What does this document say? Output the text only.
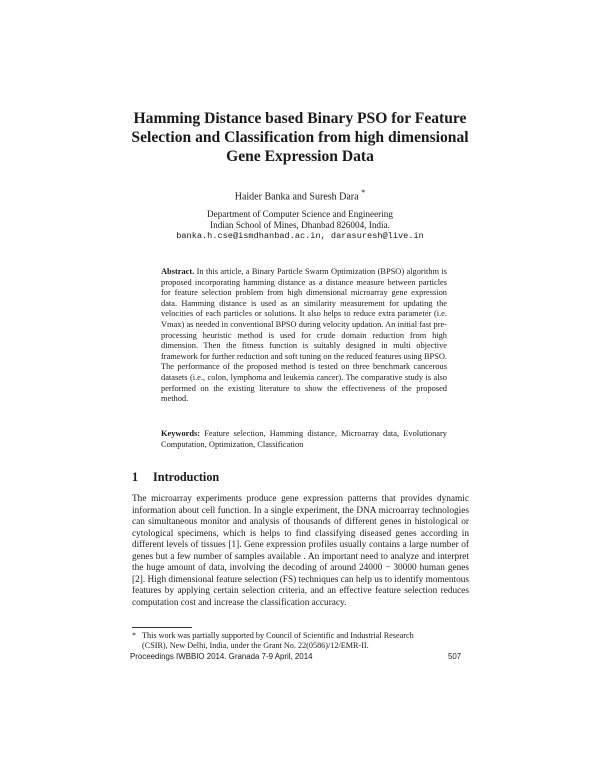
Hamming Distance based Binary PSO for Feature Selection and Classification from high dimensional Gene Expression Data
Haider Banka and Suresh Dara *
Department of Computer Science and Engineering
Indian School of Mines, Dhanbad 826004, India.
banka.h.cse@ismdhanbad.ac.in, darasuresh@live.in

Abstract. In this article, a Binary Particle Swarm Optimization (BPSO) algorithm is proposed incorporating hamming distance as a distance measure between particles for feature selection problem from high dimensional microarray gene expression data. Hamming distance is used as an similarity measurement for updating the velocities of each particles or solutions. It also helps to reduce extra parameter (i.e. Vmax) as needed in conventional BPSO during velocity updation. An initial fast pre-processing heuristic method is used for crude domain reduction from high dimension. Then the fitness function is suitably designed in multi objective framework for further reduction and soft tuning on the reduced features using BPSO. The performance of the proposed method is tested on three benchmark cancerous datasets (i.e., colon, lymphoma and leukemia cancer). The comparative study is also performed on the existing literature to show the effectiveness of the proposed method.

Keywords: Feature selection, Hamming distance, Microarray data, Evolutionary Computation, Optimization, Classification

1 Introduction

The microarray experiments produce gene expression patterns that provides dynamic information about cell function. In a single experiment, the DNA microarray technologies can simultaneous monitor and analysis of thousands of different genes in histological or cytological specimens, which is helps to find classifying diseased genes according in different levels of tissues [1]. Gene expression profiles usually contains a large number of genes but a few number of samples available . An important need to analyze and interpret the huge amount of data, involving the decoding of around 24000 − 30000 human genes [2]. High dimensional feature selection (FS) techniques can help us to identify momentous features by applying certain selection criteria, and an effective feature selection reduces computation cost and increase the classification accuracy.

* This work was partially supported by Council of Scientific and Industrial Research
(CSIR), New Delhi, India, under the Grant No. 22(0586)/12/EMR-II.
Proceedings IWBBIO 2014. Granada 7-9 April, 2014	507
